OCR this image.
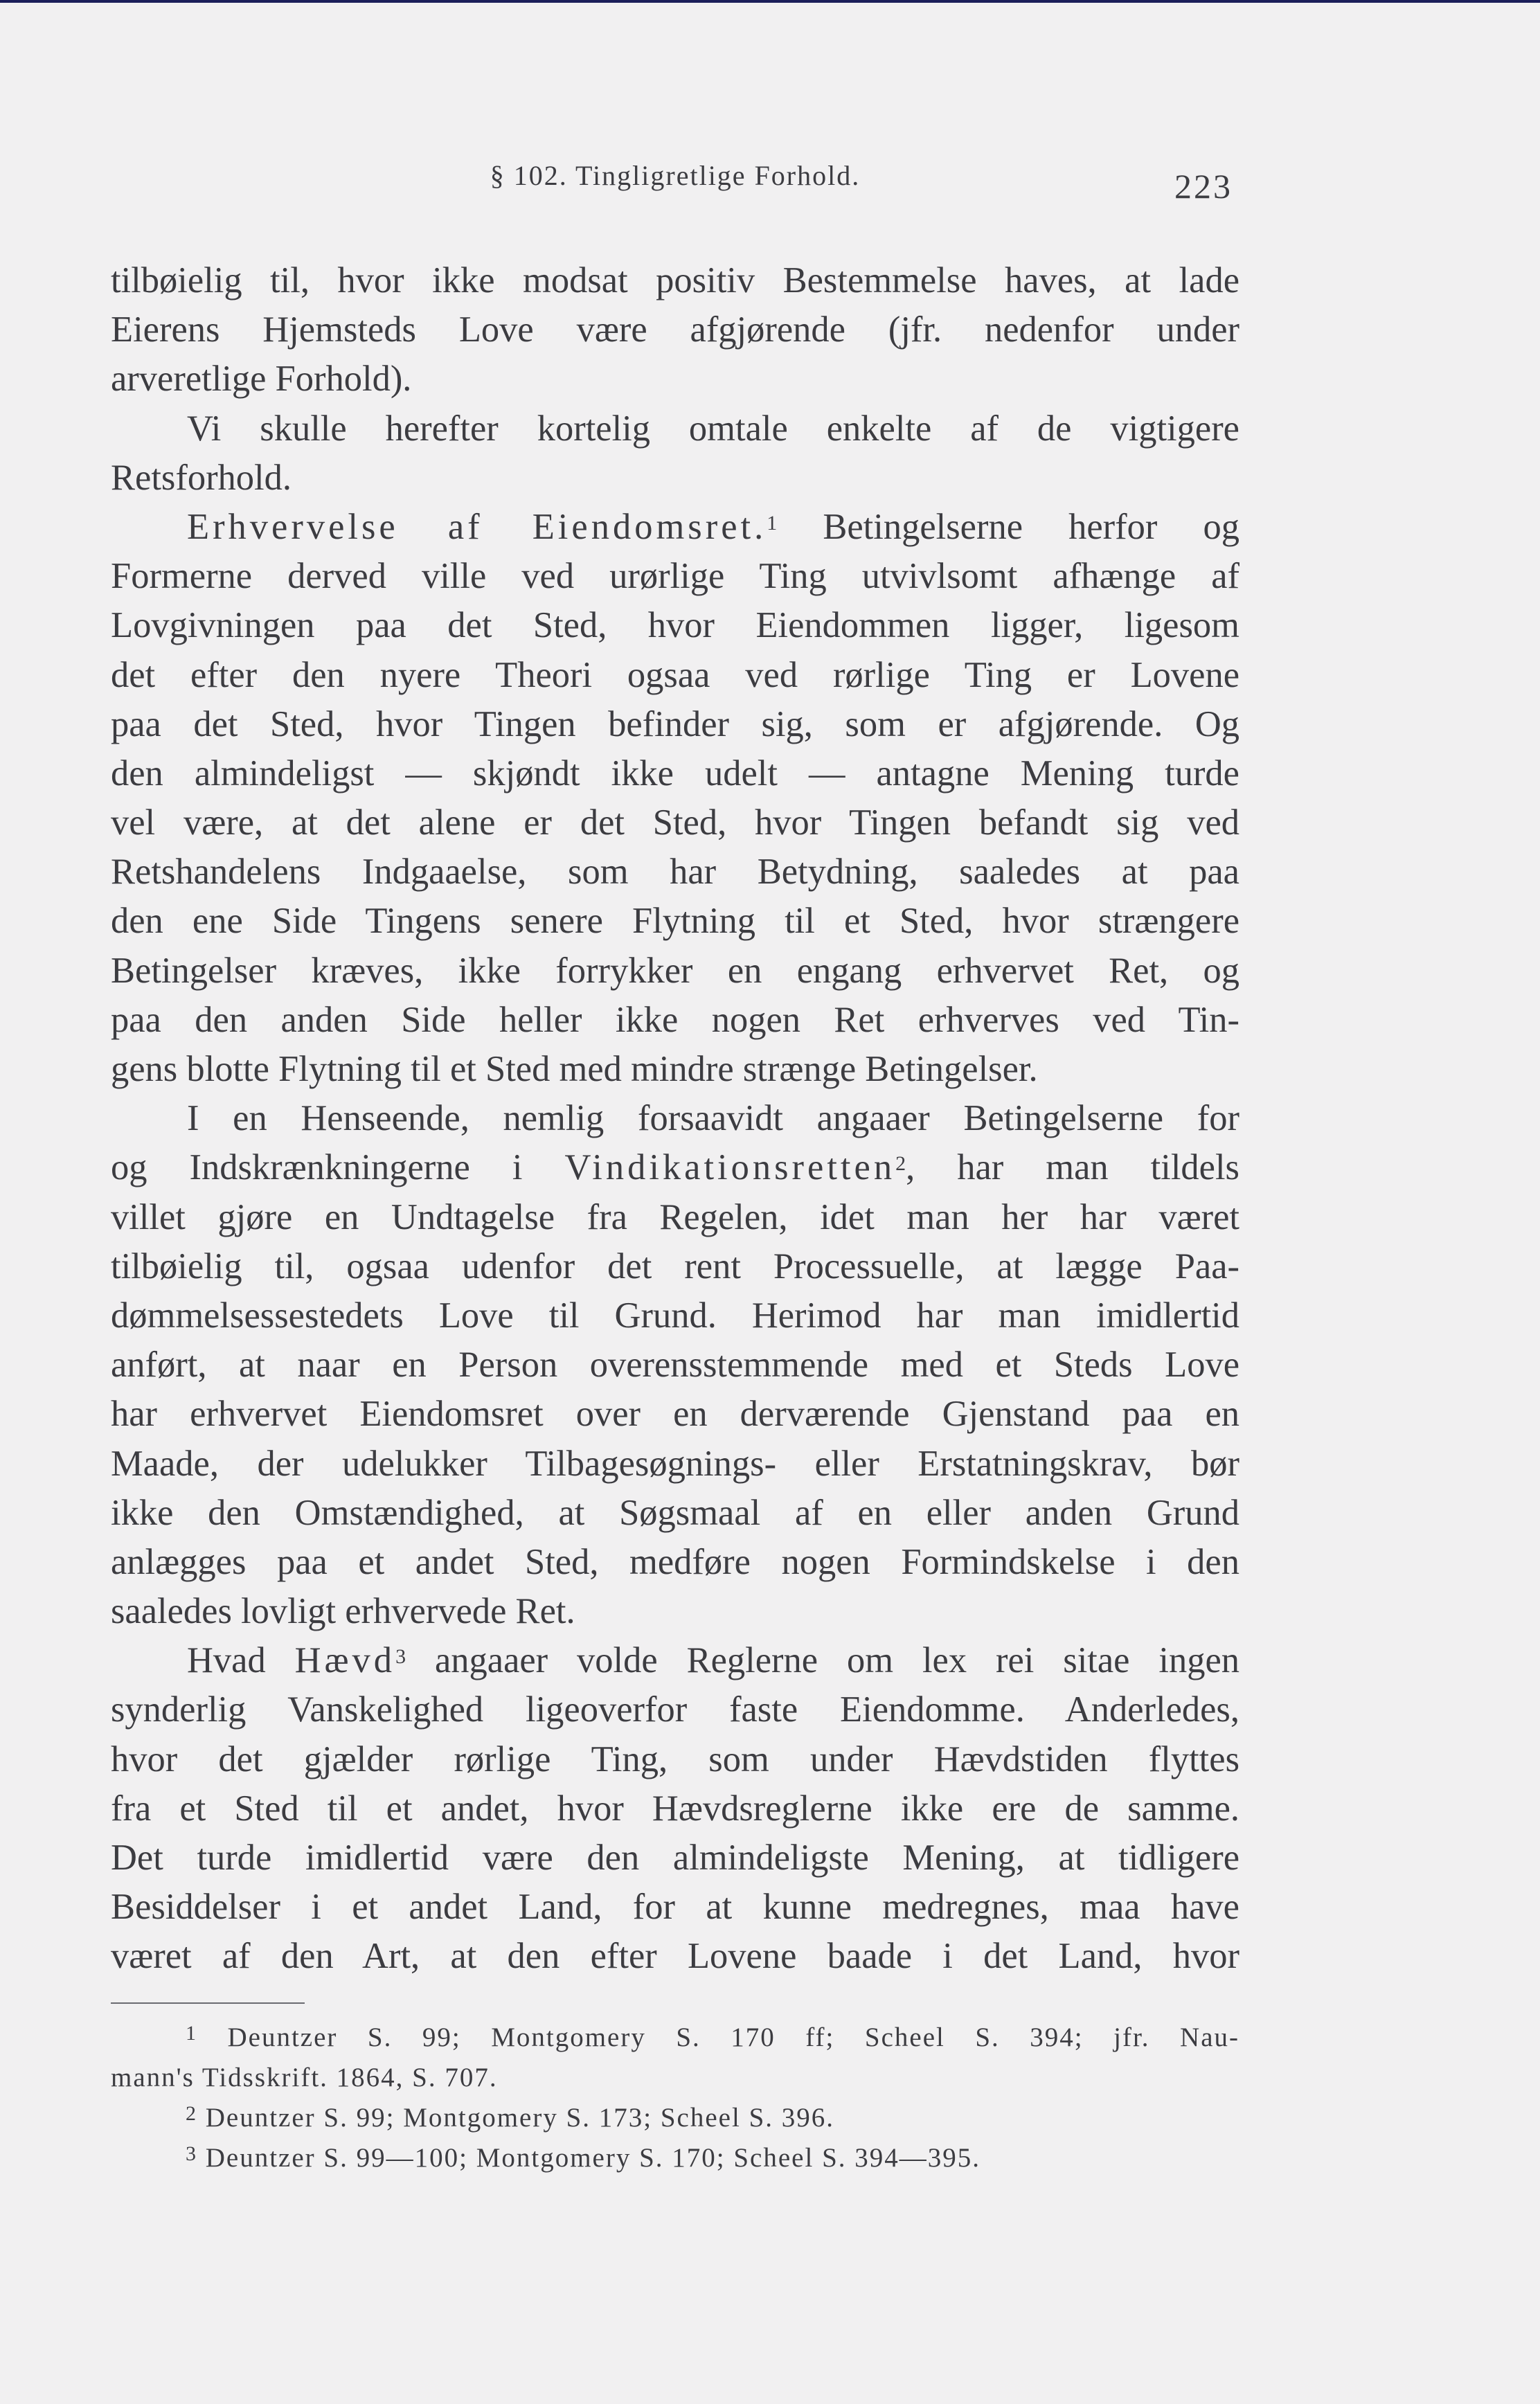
§ 102. Tingligretlige Forhold.	223
tilbøielig til, hvor ikke modsat positiv Bestemmelse haves, at lade
Eierens Hjemsteds Love være afgjørende (jfr. nedenfor under
arveretlige Forhold).
Vi skulle herefter kortelig omtale enkelte af de vigtigere
Retsforhold.
Erhvervelse af Eiendomsret.$^1$ Betingelserne herfor og
Formerne derved ville ved urørlige Ting utvivlsomt afhænge af
Lovgivningen paa det Sted, hvor Eiendommen ligger, ligesom
det efter den nyere Theori ogsaa ved rørlige Ting er Lovene
paa det Sted, hvor Tingen befinder sig, som er afgjørende. Og
den almindeligst — skjøndt ikke udelt — antagne Mening turde
vel være, at det alene er det Sted, hvor Tingen befandt sig ved
Retshandelens Indgaaelse, som har Betydning, saaledes at paa
den ene Side Tingens senere Flytning til et Sted, hvor strængere
Betingelser kræves, ikke forrykker en engang erhvervet Ret, og
paa den anden Side heller ikke nogen Ret erhverves ved Tin-
gens blotte Flytning til et Sted med mindre strænge Betingelser.
I en Henseende, nemlig forsaavidt angaaer Betingelserne for
og Indskrænkningerne i Vindikationsretten$^2$, har man tildels
villet gjøre en Undtagelse fra Regelen, idet man her har været
tilbøielig til, ogsaa udenfor det rent Processuelle, at lægge Paa-
dømmelsessestedets Love til Grund. Herimod har man imidlertid
anført, at naar en Person overensstemmende med et Steds Love
har erhvervet Eiendomsret over en derværende Gjenstand paa en
Maade, der udelukker Tilbagesøgnings- eller Erstatningskrav, bør
ikke den Omstændighed, at Søgsmaal af en eller anden Grund
anlægges paa et andet Sted, medføre nogen Formindskelse i den
saaledes lovligt erhvervede Ret.
Hvad Hævd$^3$ angaaer volde Reglerne om lex rei sitae ingen
synderlig Vanskelighed ligeoverfor faste Eiendomme. Anderledes,
hvor det gjælder rørlige Ting, som under Hævdstiden flyttes
fra et Sted til et andet, hvor Hævdsreglerne ikke ere de samme.
Det turde imidlertid være den almindeligste Mening, at tidligere
Besiddelser i et andet Land, for at kunne medregnes, maa have
været af den Art, at den efter Lovene baade i det Land, hvor
$^1$ Deuntzer S. 99; Montgomery S. 170 ff; Scheel S. 394; jfr. Nau-
mann's Tidsskrift. 1864, S. 707.
$^2$ Deuntzer S. 99; Montgomery S. 173; Scheel S. 396.
$^3$ Deuntzer S. 99—100; Montgomery S. 170; Scheel S. 394—395.
